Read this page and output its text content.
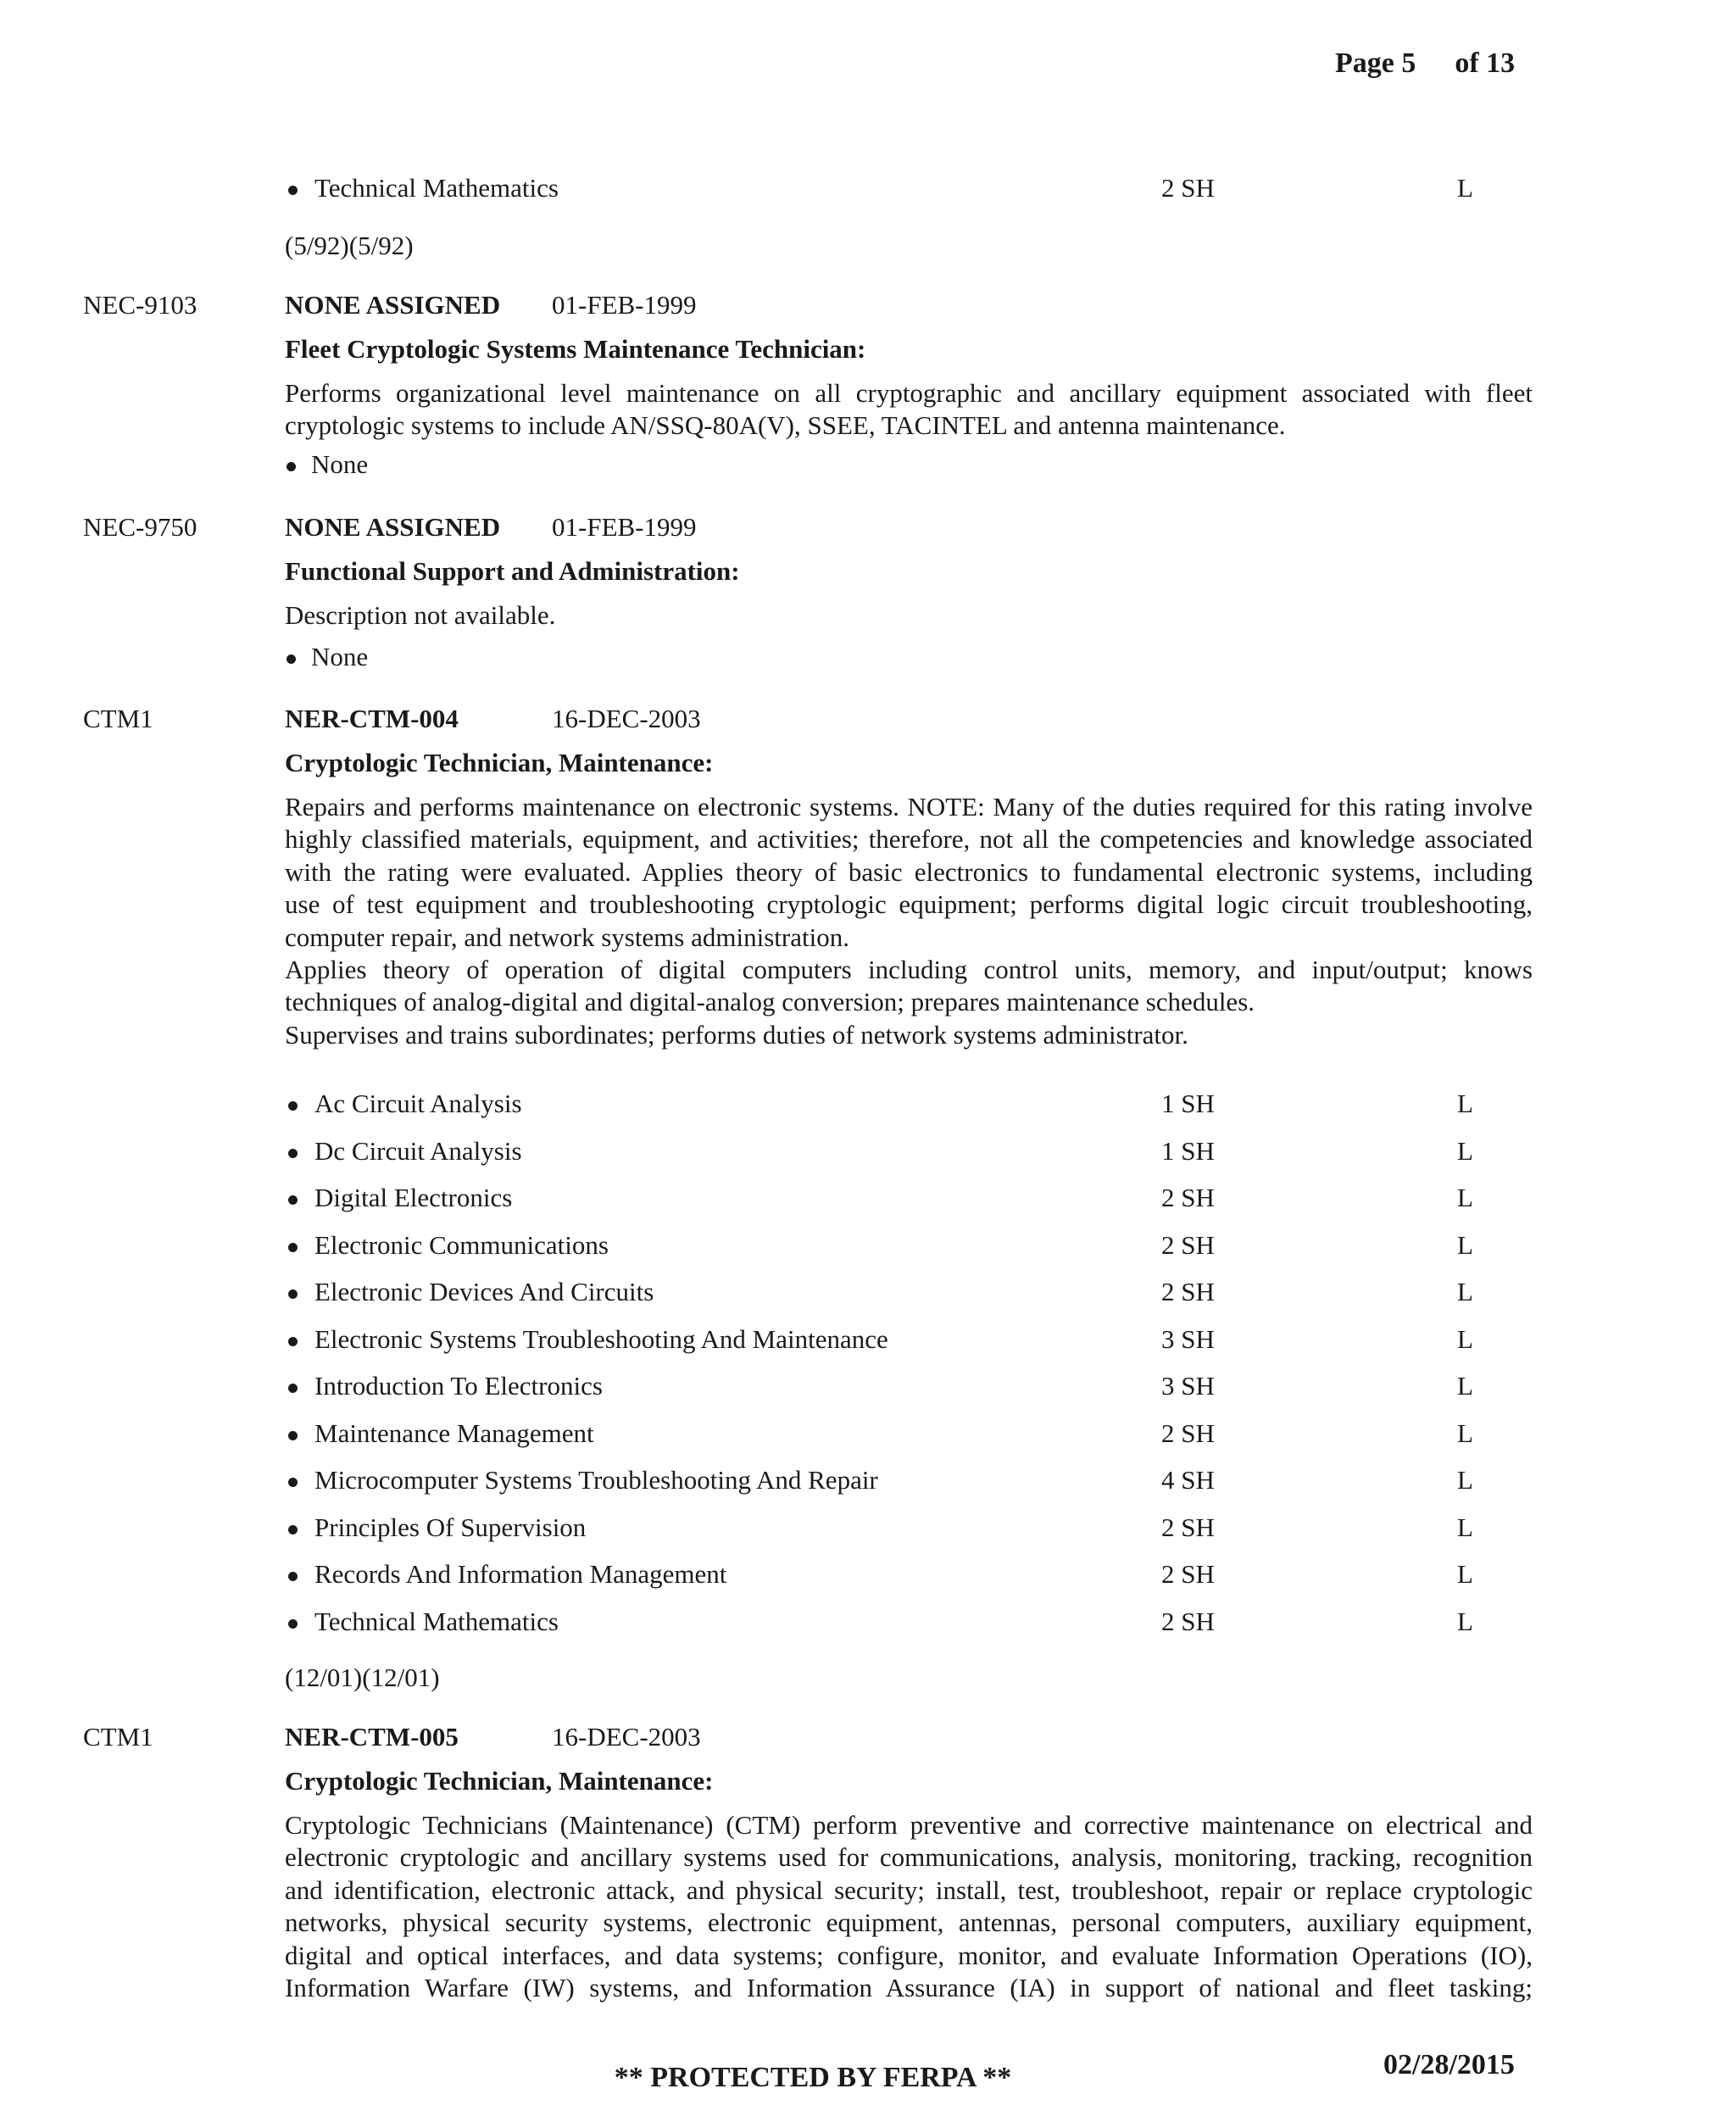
Page 5 of 13
Technical Mathematics	2 SH	L
(5/92)(5/92)
NEC-9103	NONE ASSIGNED 01-FEB-1999
Fleet Cryptologic Systems Maintenance Technician:
Performs organizational level maintenance on all cryptographic and ancillary equipment associated with fleet
cryptologic systems to include AN/SSQ-80A(V), SSEE, TACINTEL and antenna maintenance.
None
NEC-9750	NONE ASSIGNED 01-FEB-1999
Functional Support and Administration:
Description not available.
None
CTM1	NER-CTM-004	16-DEC-2003
Cryptologic Technician, Maintenance:
Repairs and performs maintenance on electronic systems. NOTE: Many of the duties required for this rating involve
highly classified materials, equipment, and activities; therefore, not all the competencies and knowledge associated
with the rating were evaluated. Applies theory of basic electronics to fundamental electronic systems, including
use of test equipment and troubleshooting cryptologic equipment; performs digital logic circuit troubleshooting,
computer repair, and network systems administration.
Applies theory of operation of digital computers including control units, memory, and input/output; knows
techniques of analog-digital and digital-analog conversion; prepares maintenance schedules.
Supervises and trains subordinates; performs duties of network systems administrator.
Ac Circuit Analysis	1 SH	L
Dc Circuit Analysis	1 SH	L
Digital Electronics	2 SH	L
Electronic Communications	2 SH	L
Electronic Devices And Circuits	2 SH	L
Electronic Systems Troubleshooting And Maintenance	3 SH	L
Introduction To Electronics	3 SH	L
Maintenance Management	2 SH	L
Microcomputer Systems Troubleshooting And Repair	4 SH	L
Principles Of Supervision	2 SH	L
Records And Information Management	2 SH	L
Technical Mathematics	2 SH	L
(12/01)(12/01)
CTM1	NER-CTM-005	16-DEC-2003
Cryptologic Technician, Maintenance:
Cryptologic Technicians (Maintenance) (CTM) perform preventive and corrective maintenance on electrical and
electronic cryptologic and ancillary systems used for communications, analysis, monitoring, tracking, recognition
and identification, electronic attack, and physical security; install, test, troubleshoot, repair or replace cryptologic
networks, physical security systems, electronic equipment, antennas, personal computers, auxiliary equipment,
digital and optical interfaces, and data systems; configure, monitor, and evaluate Information Operations (IO),
Information Warfare (IW) systems, and Information Assurance (IA) in support of national and fleet tasking;
02/28/2015
** PROTECTED BY FERPA **
